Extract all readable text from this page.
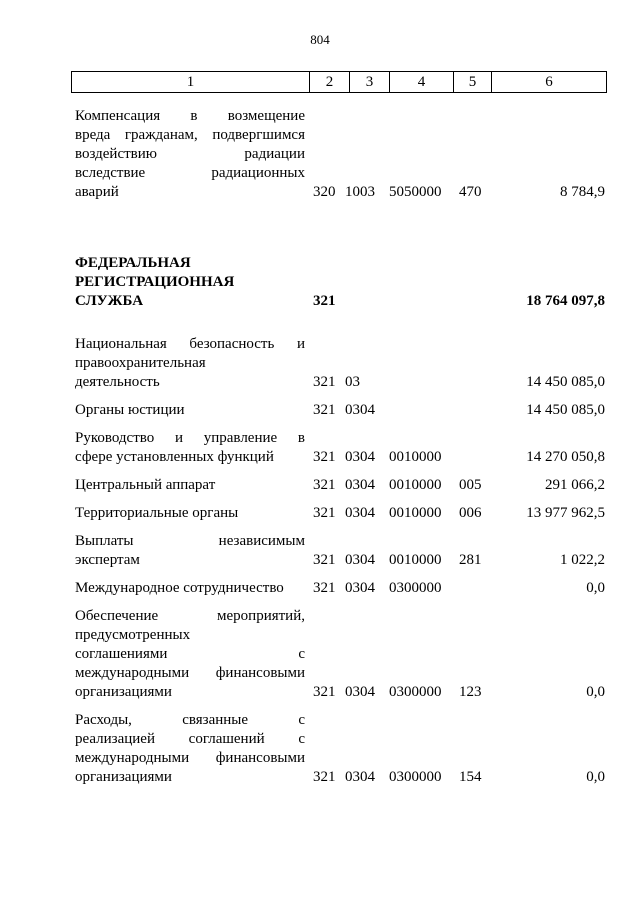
804
1	2	3	4	5	6
Компенсация в возмещение
вреда гражданам, подвергшимся
воздействию радиации
вследствие радиационных
аварий	320 1003 5050000	470	8 784,9
ФЕДЕРАЛЬНАЯ
РЕГИСТРАЦИОННАЯ
СЛУЖБА	321	18 764 097,8
Национальная безопасность и
правоохранительная
деятельность	321 03	14 450 085,0
Органы юстиции	321 0304	14 450 085,0
Руководство и управление в
сфере установленных функций	321 0304 0010000	14 270 050,8
Центральный аппарат	321 0304 0010000	005	291 066,2
Территориальные органы	321 0304 0010000	006	13 977 962,5
Выплаты независимым
экспертам	321 0304 0010000	281	1 022,2
Международное сотрудничество	321 0304 0300000	0,0
Обеспечение мероприятий,
предусмотренных
соглашениями с
международными финансовыми
организациями	321 0304 0300000	123	0,0
Расходы, связанные с
реализацией соглашений с
международными финансовыми
организациями	321 0304 0300000	154	0,0
